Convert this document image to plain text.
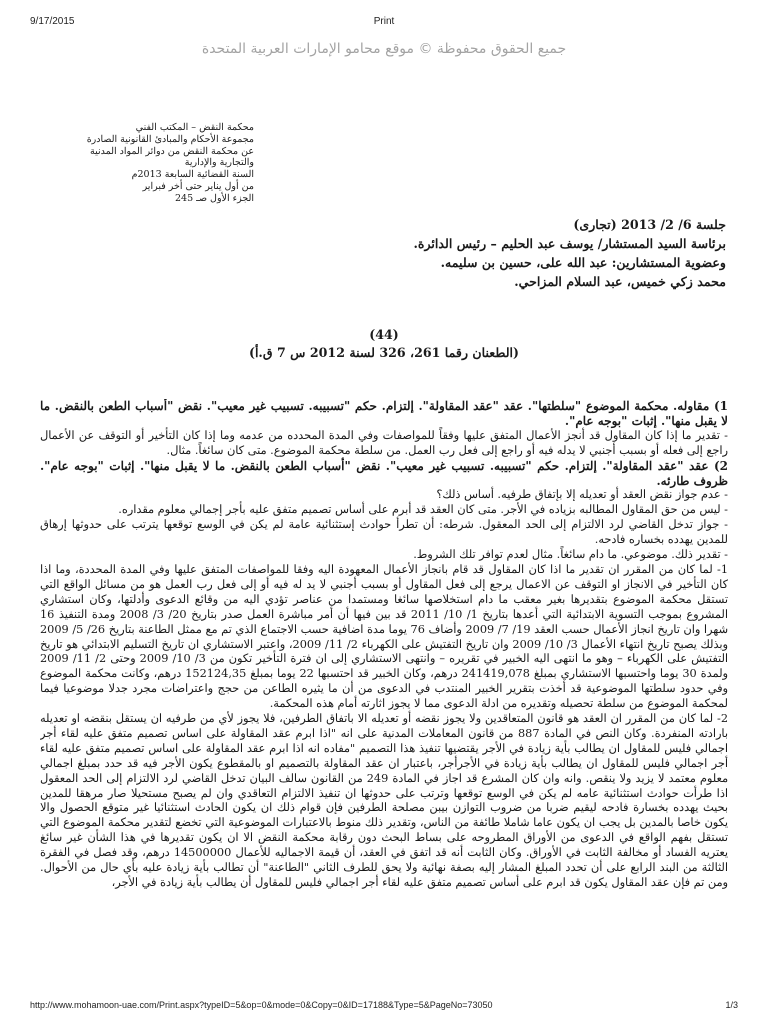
9/17/2015	Print
جميع الحقوق محفوظة © موقع محامو الإمارات العربية المتحدة
محكمة النقض – المكتب الفني
مجموعة الأحكام والمبادئ القانونية الصادرة
عن محكمة النقض من دوائر المواد المدنية
والتجارية والإدارية
السنة القضائية السابعة 2013م
من أول يناير حتى أخر فبراير
الجزء الأول صـ 245
جلسة 6/ 2/ 2013 (تجارى)
برئاسة السيد المستشار/ يوسف عبد الحليم – رئيس الدائرة.
وعضوية المستشارين: عبد الله على، حسين بن سليمه.
محمد زكي خميس، عبد السلام المزاحي.
(44)
(الطعنان رقما 261، 326 لسنة 2012 س 7 ق.أ)

1) مقاوله. محكمة الموضوع "سلطتها". عقد "عقد المقاولة". إلتزام. حكم "تسبيبه. تسبيب غير معيب". نقض "أسباب الطعن بالنقض. ما لا يقبل منها". إثبات "بوجه عام".

- تقدير ما إذا كان المقاول قد أنجز الأعمال المتفق عليها وفقاً للمواصفات وفي المدة المحدده من عدمه وما إذا كان التأخير أو التوقف عن الأعمال راجع إلى فعله أو بسبب أجنبي لا يدله فيه أو راجع إلى فعل رب العمل. من سلطة محكمة الموضوع. متى كان سائغاً. مثال.

2) عقد "عقد المقاولة". إلتزام. حكم "تسبيبه. تسبيب غير معيب". نقض "أسباب الطعن بالنقض. ما لا يقبل منها". إثبات "بوجه عام". ظروف طارئه.

- عدم جواز نقض العقد أو تعديله إلا بإتفاق طرفيه. أساس ذلك؟

- ليس من حق المقاول المطالبه بزياده في الأجر. متى كان العقد قد أبرم على أساس تصميم متفق عليه بأجر إجمالي معلوم مقداره.

- جواز تدخل القاضي لرد الالتزام إلى الحد المعقول. شرطه: أن تطرأ حوادث إستثنائية عامة لم يكن في الوسع توقعها يترتب على حدوثها إرهاق للمدين يهدده بخساره فادحه.

- تقدير ذلك. موضوعي. ما دام سائغاً. مثال لعدم توافر تلك الشروط.

1- لما كان من المقرر ان تقدير ما اذا كان المقاول قد قام بانجاز الأعمال المعهودة اليه وفقا للمواصفات المتفق عليها وفي المدة المحددة، وما اذا كان التأخير في الانجاز او التوقف عن الاعمال يرجع إلى فعل المقاول أو بسبب أجنبي لا يد له فيه أو إلى فعل رب العمل هو من مسائل الواقع التي تستقل محكمة الموضوع بتقديرها بغير معقب ما دام استخلاصها سائغا ومستمدا من عناصر تؤدي اليه من وقائع الدعوى وأدلتها، وكان استشاري المشروع بموجب التسوية الابتدائية التي أعدها بتاريخ 1/ 10/ 2011 قد بين فيها أن أمر مباشرة العمل صدر بتاريخ 20/ 3/ 2008 ومدة التنفيذ 16 شهرا وان تاريخ انجاز الأعمال حسب العقد 19/ 7/ 2009 وأضاف 76 يوما مدة اضافية حسب الاجتماع الذي تم مع ممثل الطاعنة بتاريخ 26/ 5/ 2009 وبذلك يصبح تاريخ انتهاء الأعمال 3/ 10/ 2009 وان تاريخ التفتيش على الكهرباء 2/ 11/ 2009، واعتبر الاستشاري ان تاريخ التسليم الابتدائي هو تاريخ التفتيش على الكهرباء – وهو ما انتهى اليه الخبير في تقريره – وانتهى الاستشاري إلى ان فترة التأخير تكون من 3/ 10/ 2009 وحتى 2/ 11/ 2009 ولمدة 30 يوما واحتسبها الاستشاري بمبلغ 241419,078 درهم، وكان الخبير قد احتسبها 22 يوما بمبلغ 152124,35 درهم، وكانت محكمة الموضوع وفي حدود سلطتها الموضوعية قد أخذت بتقرير الخبير المنتدب في الدعوى من أن ما يثيره الطاعن من حجج واعتراضات مجرد جدلا موضوعيا فيما لمحكمة الموضوع من سلطة تحصيله وتقديره من ادلة الدعوى مما لا يجوز اثارته أمام هذه المحكمة.

2- لما كان من المقرر ان العقد هو قانون المتعاقدين ولا يجوز نقضه أو تعديله الا باتفاق الطرفين، فلا يجوز لأي من طرفيه ان يستقل بنقضه او تعديله بارادته المنفردة. وكان النص في المادة 887 من قانون المعاملات المدنية على انه "اذا ابرم عقد المقاولة على اساس تصميم متفق عليه لقاء أجر اجمالي فليس للمقاول ان يطالب بأية زيادة في الأجر يقتضيها تنفيذ هذا التصميم "مفاده انه اذا ابرم عقد المقاولة على اساس تصميم متفق عليه لقاء أجر اجمالي فليس للمقاول ان يطالب بأية زيادة في الأجرأجر، باعتبار ان عقد المقاولة بالتصميم او بالمقطوع يكون الأجر فيه قد حدد بمبلغ اجمالي معلوم معتمد لا يزيد ولا ينقص. وانه وان كان المشرع قد اجاز في المادة 249 من القانون سالف البيان تدخل القاضي لرد الالتزام إلى الحد المعقول اذا طرأت حوادث استثنائية عامه لم يكن في الوسع توقعها وترتب على حدوثها ان تنفيذ الالتزام التعاقدي وان لم يصبح مستحيلا صار مرهقا للمدين بحيث يهدده بخسارة فادحه ليقيم ضربا من ضروب التوازن بيبن مصلحة الطرفين فإن قوام ذلك ان يكون الحادث استثنائيا غير متوقع الحصول والا يكون خاصا بالمدين بل يجب ان يكون عاما شاملا طائفة من الناس، وتقدير ذلك منوط بالاعتبارات الموضوعية التي تخضع لتقدير محكمة الموضوع التي تستقل بفهم الواقع في الدعوى من الأوراق المطروحه على بساط البحث دون رقابة محكمة النقض الا ان يكون تقديرها في هذا الشأن غير سائغ يعتريه الفساد أو مخالفة الثابت في الأوراق. وكان الثابت أنه قد اتفق في العقد، أن قيمة الاجماليه للأعمال 14500000 درهم، وقد فصل في الفقرة الثالثة من البند الرابع على أن تحدد المبلغ المشار إليه بصفة نهائية ولا يحق للطرف الثاني "الطاعنة" أن تطالب بأية زيادة عليه بأي حال من الأحوال. ومن تم فإن عقد المقاول يكون قد ابرم على أساس تصميم متفق عليه لقاء أجر اجمالي فليس للمقاول أن يطالب بأية زيادة في الأجر،

http://www.mohamoon-uae.com/Print.aspx?typeID=5&op=0&mode=0&Copy=0&ID=17188&Type=5&PageNo=73050	1/3
